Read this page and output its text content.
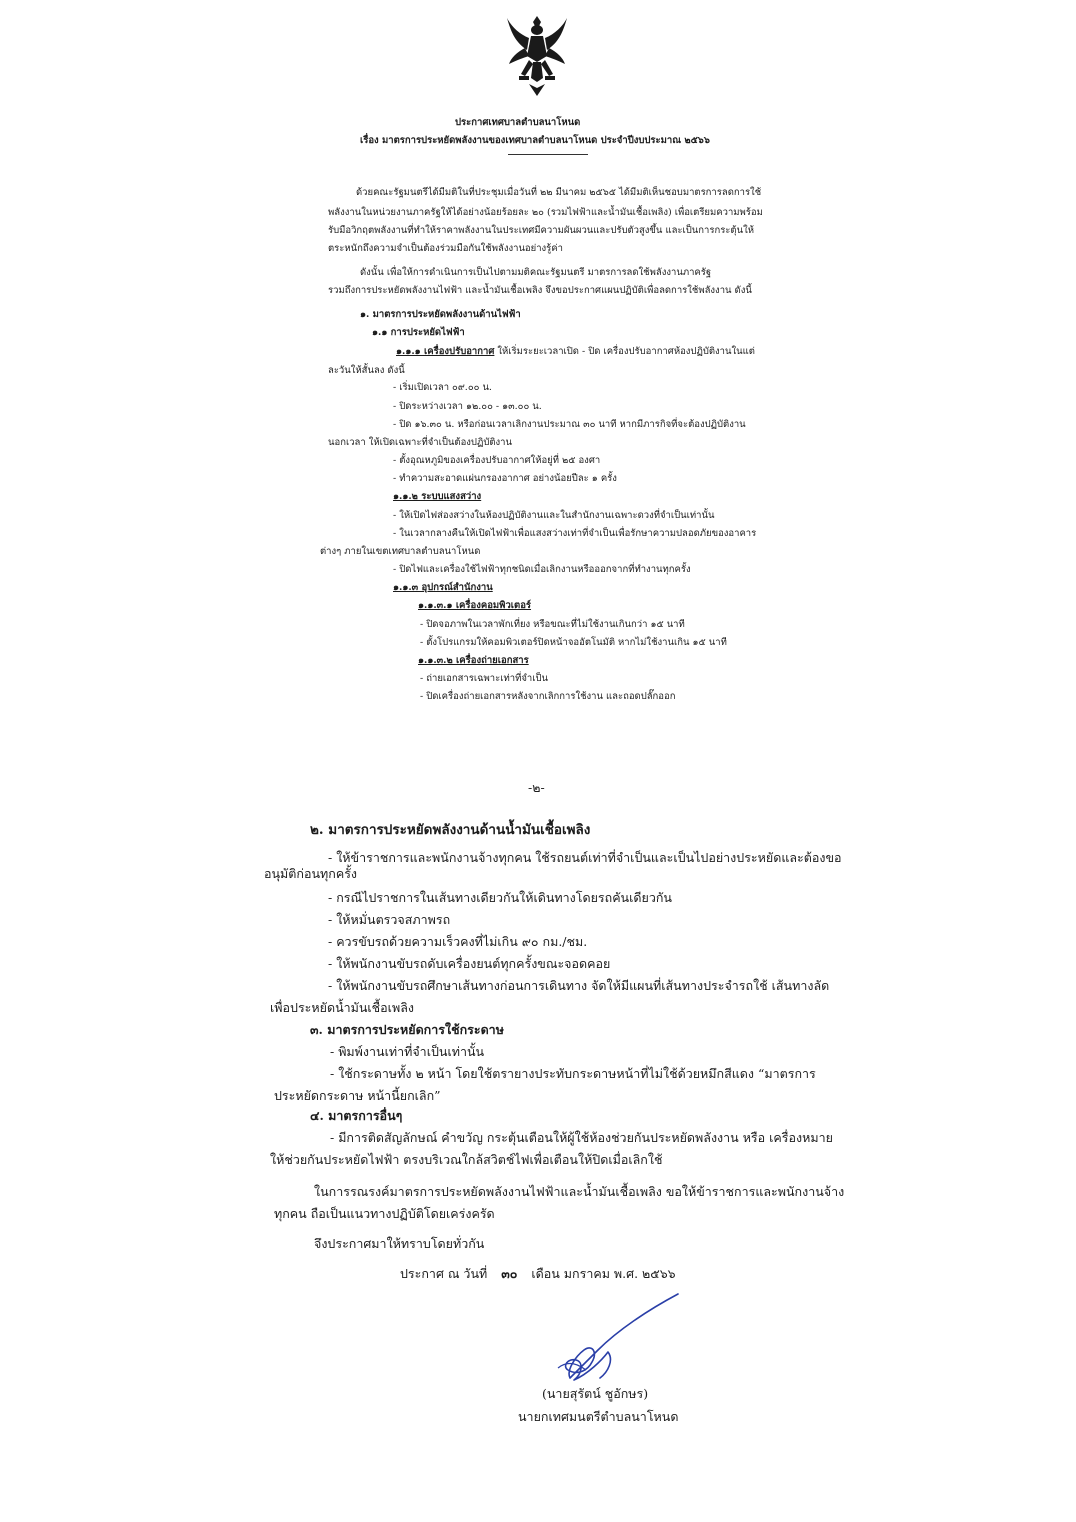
ประกาศเทศบาลตำบลนาโหนด
เรื่อง มาตรการประหยัดพลังงานของเทศบาลตำบลนาโหนด ประจำปีงบประมาณ ๒๕๖๖
ด้วยคณะรัฐมนตรีได้มีมติในที่ประชุมเมื่อวันที่ ๒๒ มีนาคม ๒๕๖๕ ได้มีมติเห็นชอบมาตรการลดการใช้
พลังงานในหน่วยงานภาครัฐให้ได้อย่างน้อยร้อยละ ๒๐ (รวมไฟฟ้าและน้ำมันเชื้อเพลิง) เพื่อเตรียมความพร้อม
รับมือวิกฤตพลังงานที่ทำให้ราคาพลังงานในประเทศมีความผันผวนและปรับตัวสูงขึ้น และเป็นการกระตุ้นให้
ตระหนักถึงความจำเป็นต้องร่วมมือกันใช้พลังงานอย่างรู้ค่า
ดังนั้น เพื่อให้การดำเนินการเป็นไปตามมติคณะรัฐมนตรี มาตรการลดใช้พลังงานภาครัฐ
รวมถึงการประหยัดพลังงานไฟฟ้า และน้ำมันเชื้อเพลิง จึงขอประกาศแผนปฏิบัติเพื่อลดการใช้พลังงาน ดังนี้
๑. มาตรการประหยัดพลังงานด้านไฟฟ้า
๑.๑ การประหยัดไฟฟ้า
๑.๑.๑ เครื่องปรับอากาศ ให้เริ่มระยะเวลาเปิด - ปิด เครื่องปรับอากาศห้องปฏิบัติงานในแต่
ละวันให้สั้นลง ดังนี้
- เริ่มเปิดเวลา ๐๙.๐๐ น.
- ปิดระหว่างเวลา ๑๒.๐๐ - ๑๓.๐๐ น.
- ปิด ๑๖.๓๐ น. หรือก่อนเวลาเลิกงานประมาณ ๓๐ นาที หากมีภารกิจที่จะต้องปฏิบัติงาน
นอกเวลา ให้เปิดเฉพาะที่จำเป็นต้องปฏิบัติงาน
- ตั้งอุณหภูมิของเครื่องปรับอากาศให้อยู่ที่ ๒๕ องศา
- ทำความสะอาดแผ่นกรองอากาศ อย่างน้อยปีละ ๑ ครั้ง
๑.๑.๒ ระบบแสงสว่าง
- ให้เปิดไฟส่องสว่างในห้องปฏิบัติงานและในสำนักงานเฉพาะดวงที่จำเป็นเท่านั้น
- ในเวลากลางคืนให้เปิดไฟฟ้าเพื่อแสงสว่างเท่าที่จำเป็นเพื่อรักษาความปลอดภัยของอาคาร
ต่างๆ ภายในเขตเทศบาลตำบลนาโหนด
- ปิดไฟและเครื่องใช้ไฟฟ้าทุกชนิดเมื่อเลิกงานหรือออกจากที่ทำงานทุกครั้ง
๑.๑.๓ อุปกรณ์สำนักงาน
๑.๑.๓.๑ เครื่องคอมพิวเตอร์
- ปิดจอภาพในเวลาพักเที่ยง หรือขณะที่ไม่ใช้งานเกินกว่า ๑๕ นาที
- ตั้งโปรแกรมให้คอมพิวเตอร์ปิดหน้าจออัตโนมัติ หากไม่ใช้งานเกิน ๑๕ นาที
๑.๑.๓.๒ เครื่องถ่ายเอกสาร
- ถ่ายเอกสารเฉพาะเท่าที่จำเป็น
- ปิดเครื่องถ่ายเอกสารหลังจากเลิกการใช้งาน และถอดปลั๊กออก
-๒-
๒. มาตรการประหยัดพลังงานด้านน้ำมันเชื้อเพลิง
- ให้ข้าราชการและพนักงานจ้างทุกคน ใช้รถยนต์เท่าที่จำเป็นและเป็นไปอย่างประหยัดและต้องขอ
อนุมัติก่อนทุกครั้ง
- กรณีไปราชการในเส้นทางเดียวกันให้เดินทางโดยรถคันเดียวกัน
- ให้หมั่นตรวจสภาพรถ
- ควรขับรถด้วยความเร็วคงที่ไม่เกิน ๙๐ กม./ชม.
- ให้พนักงานขับรถดับเครื่องยนต์ทุกครั้งขณะจอดคอย
- ให้พนักงานขับรถศึกษาเส้นทางก่อนการเดินทาง จัดให้มีแผนที่เส้นทางประจำรถใช้ เส้นทางลัด
เพื่อประหยัดน้ำมันเชื้อเพลิง
๓. มาตรการประหยัดการใช้กระดาษ
- พิมพ์งานเท่าที่จำเป็นเท่านั้น
- ใช้กระดาษทั้ง ๒ หน้า โดยใช้ตรายางประทับกระดาษหน้าที่ไม่ใช้ด้วยหมึกสีแดง “มาตรการ
ประหยัดกระดาษ หน้านี้ยกเลิก”
๔. มาตรการอื่นๆ
- มีการติดสัญลักษณ์ คำขวัญ กระตุ้นเตือนให้ผู้ใช้ห้องช่วยกันประหยัดพลังงาน หรือ เครื่องหมาย
ให้ช่วยกันประหยัดไฟฟ้า ตรงบริเวณใกล้สวิตช์ไฟเพื่อเตือนให้ปิดเมื่อเลิกใช้
ในการรณรงค์มาตรการประหยัดพลังงานไฟฟ้าและน้ำมันเชื้อเพลิง ขอให้ข้าราชการและพนักงานจ้าง
ทุกคน ถือเป็นแนวทางปฏิบัติโดยเคร่งครัด
จึงประกาศมาให้ทราบโดยทั่วกัน
ประกาศ ณ วันที่ ๓๐ เดือน มกราคม พ.ศ. ๒๕๖๖
(นายสุรัตน์ ชูอักษร)
นายกเทศมนตรีตำบลนาโหนด
